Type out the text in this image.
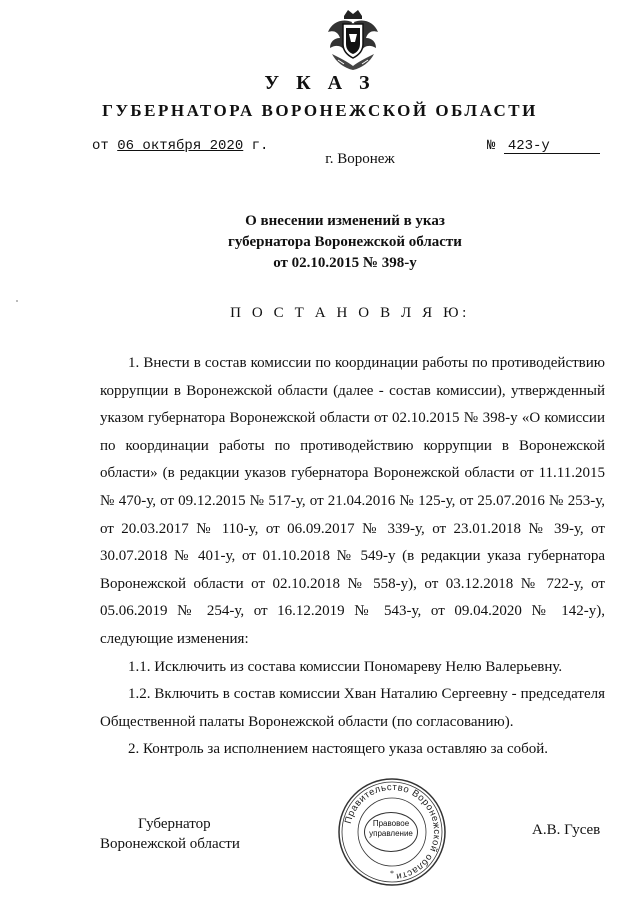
У К А З
ГУБЕРНАТОРА ВОРОНЕЖСКОЙ ОБЛАСТИ
от 06 октября 2020 г.	№ 423-у
г. Воронеж
О внесении изменений в указ
губернатора Воронежской области
от 02.10.2015 № 398-у
П О С Т А Н О В Л Я Ю:

1. Внести в состав комиссии по координации работы по противодействию коррупции в Воронежской области (далее - состав комиссии), утвержденный указом губернатора Воронежской области от 02.10.2015 № 398-у «О комиссии по координации работы по противодействию коррупции в Воронежской области» (в редакции указов губернатора Воронежской области от 11.11.2015 № 470-у, от 09.12.2015 № 517-у, от 21.04.2016 № 125-у, от 25.07.2016 № 253-у, от 20.03.2017 № 110-у, от 06.09.2017 № 339-у, от 23.01.2018 № 39-у, от 30.07.2018 № 401-у, от 01.10.2018 № 549-у (в редакции указа губернатора Воронежской области от 02.10.2018 № 558-у), от 03.12.2018 № 722-у, от 05.06.2019 № 254-у, от 16.12.2019 № 543-у, от 09.04.2020 № 142-у), следующие изменения:

1.1. Исключить из состава комиссии Пономареву Нелю Валерьевну.

1.2. Включить в состав комиссии Хван Наталию Сергеевну - председателя Общественной палаты Воронежской области (по согласованию).

2. Контроль за исполнением настоящего указа оставляю за собой.

Губернатор
Воронежской области
Правительство Воронежской области
*
Правовое
управление	А.В. Гусев
